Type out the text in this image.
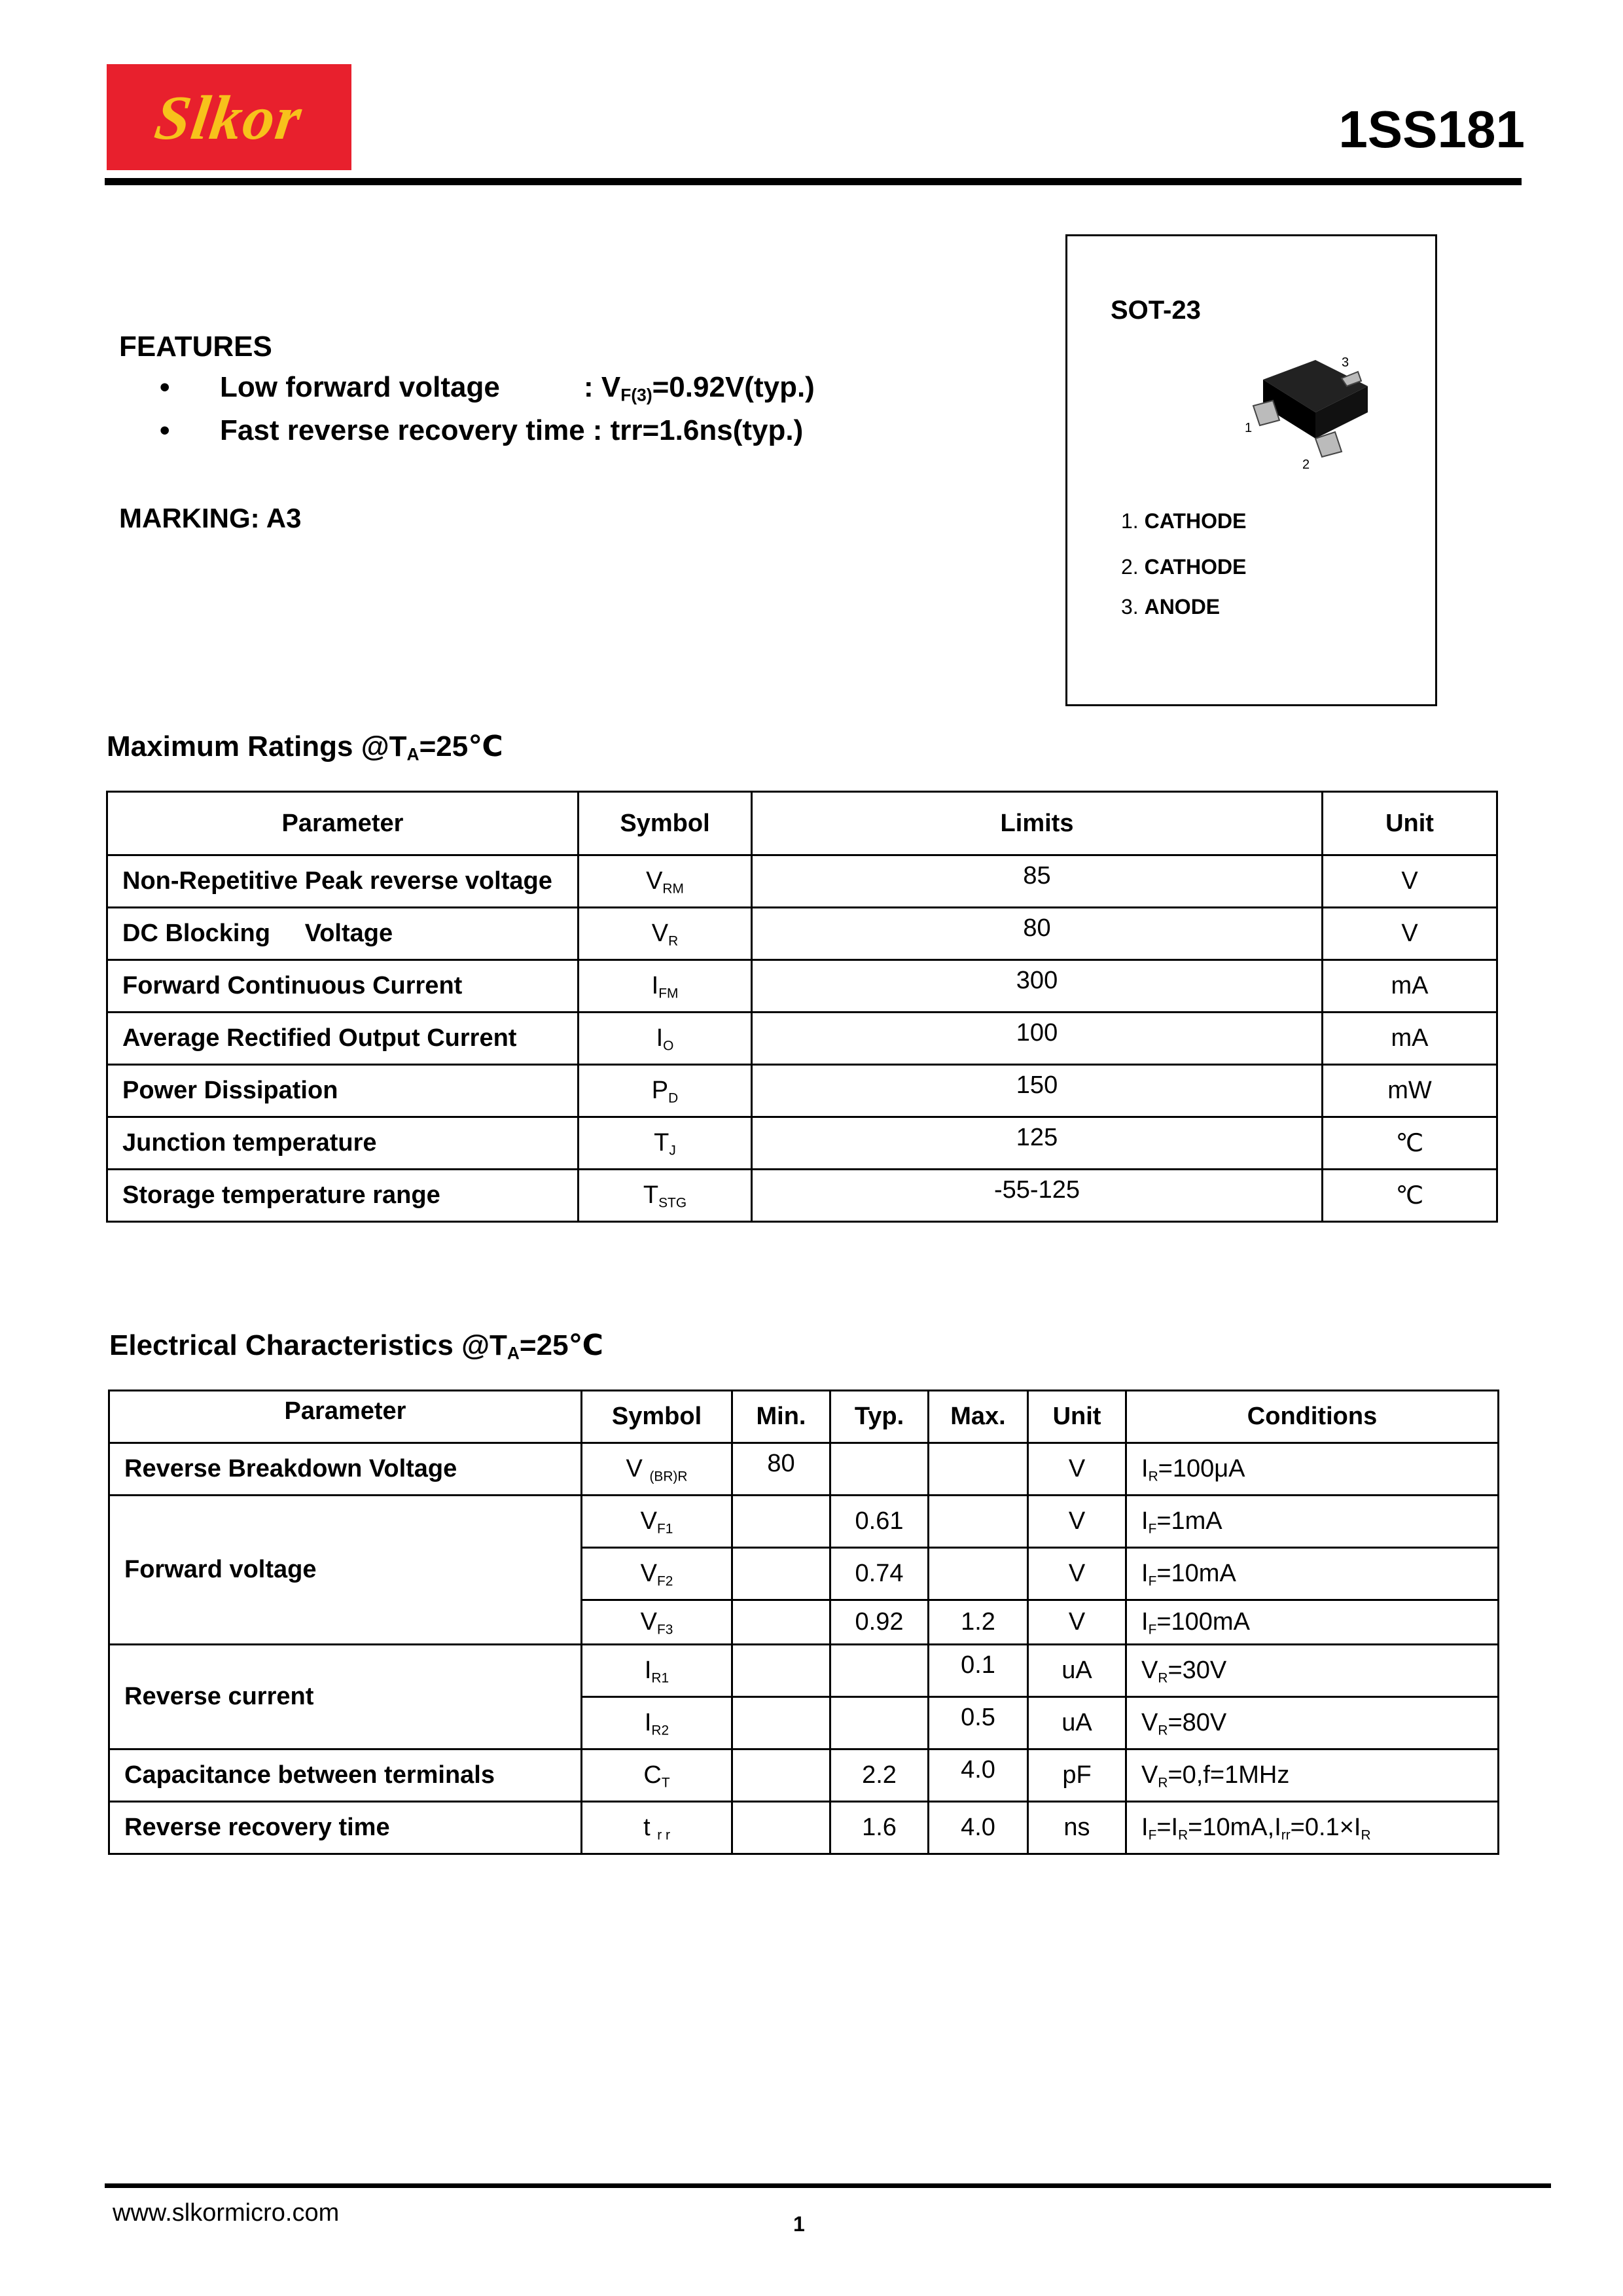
Slkor	1SS181
FEATURES
• Low forward voltage	: $V_{F(3)}=0.92V(typ.)$
• Fast reverse recovery time : trr=1.6ns(typ.)
MARKING: A3
SOT-23
1
2
3
1. CATHODE
2. CATHODE
3. ANODE
Maximum Ratings $@T_A=25℃$
Parameter	Symbol	Limits	Unit
Non-Repetitive Peak reverse voltage	VRM	85	V
DC Blocking     Voltage	VR	80	V
Forward Continuous Current	IFM	300	mA
Average Rectified Output Current	IO	100	mA
Power Dissipation	PD	150	mW
Junction temperature	TJ	125	℃
Storage temperature range	TSTG	-55-125	℃
Electrical Characteristics $@T_A=25℃$
Parameter	Symbol	Min.	Typ.	Max.	Unit	Conditions
Reverse Breakdown Voltage	V (BR)R	80			V	IR=100μA
Forward voltage	VF1		0.61		V	IF=1mA
	VF2		0.74		V	IF=10mA
	VF3		0.92	1.2	V	IF=100mA
Reverse current	IR1			0.1	uA	VR=30V
	IR2			0.5	uA	VR=80V
Capacitance between terminals	CT		2.2	4.0	pF	VR=0,f=1MHz
Reverse recovery time	t r r		1.6	4.0	ns	IF=IR=10mA,Irr=0.1×IR
www.slkormicro.com	1
